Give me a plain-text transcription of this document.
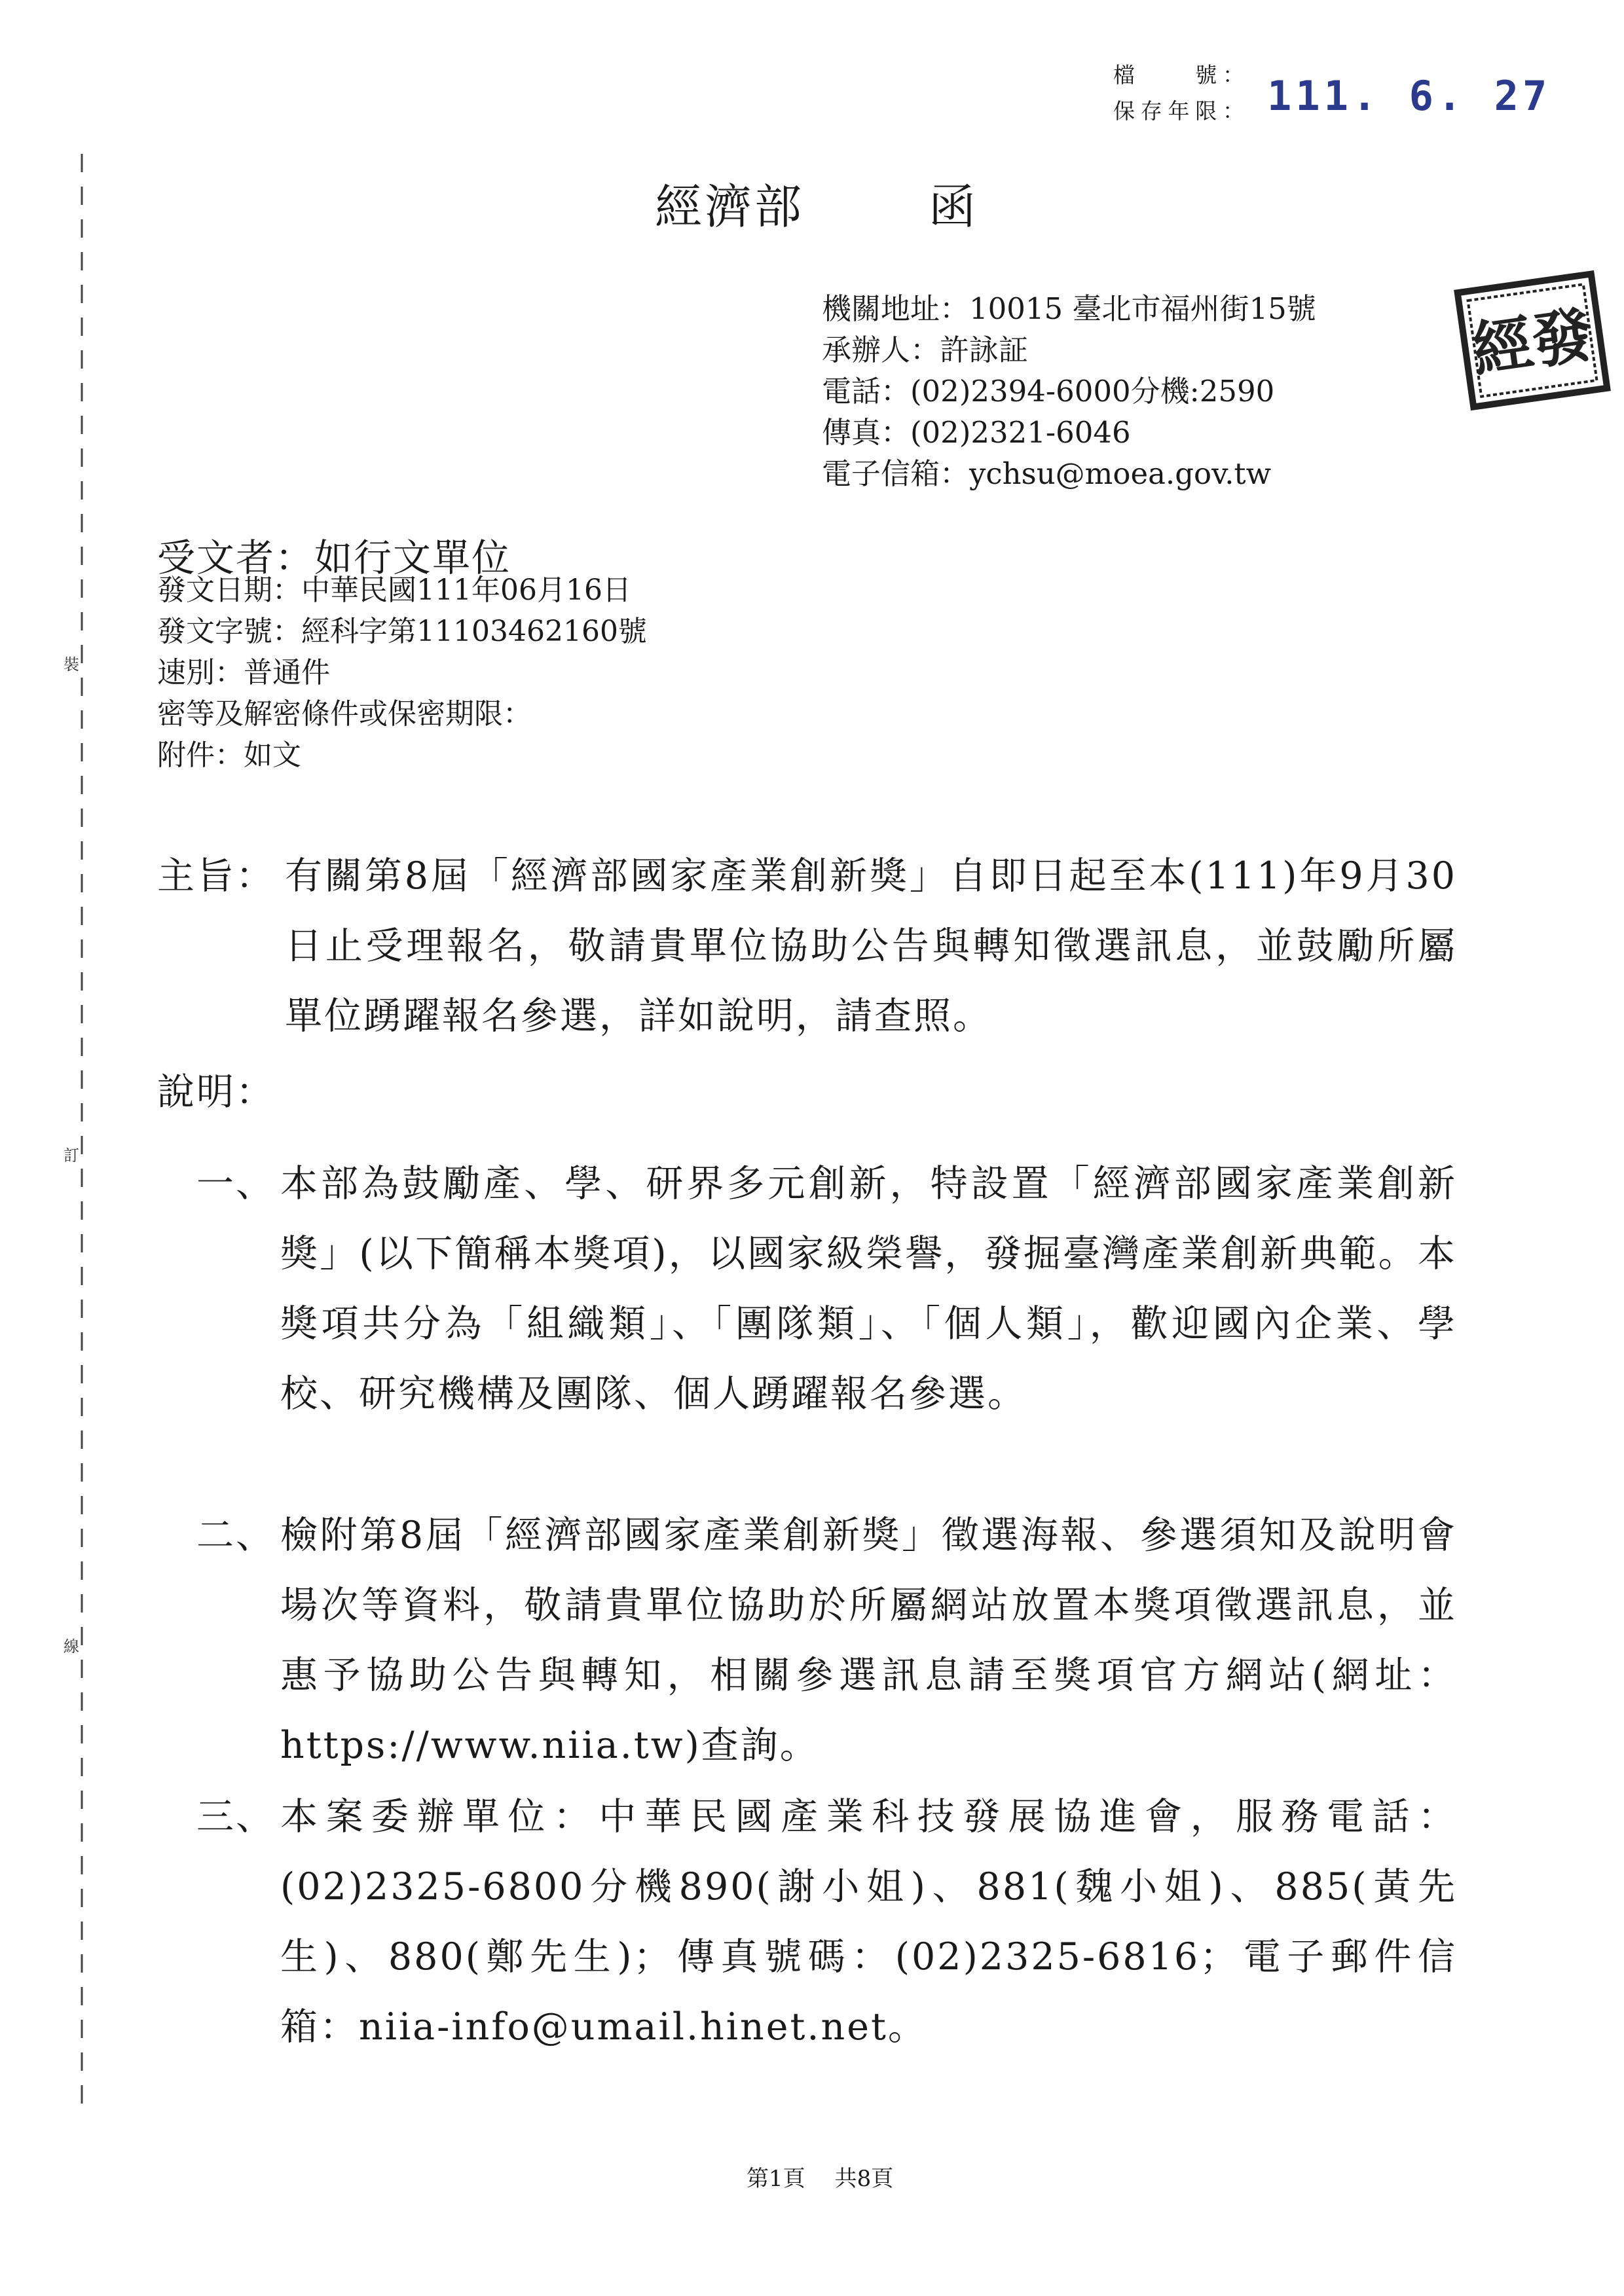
裝
訂
線
檔　　號：
保存年限： 111. 6. 27
經濟部	函
機關地址：10015 臺北市福州街15號
承辦人：許詠証
電話：(02)2394-6000分機:2590
傳真：(02)2321-6046
電子信箱：ychsu@moea.gov.tw
經發
受文者：如行文單位
發文日期：中華民國111年06月16日
發文字號：經科字第11103462160號
速別：普通件
密等及解密條件或保密期限：
附件：如文
主旨： 有關第8屆「經濟部國家產業創新獎」自即日起至本(111)年9月30日止受理報名，敬請貴單位協助公告與轉知徵選訊息，並鼓勵所屬單位踴躍報名參選，詳如說明，請查照。
說明：
一、 本部為鼓勵產、學、研界多元創新，特設置「經濟部國家產業創新獎」(以下簡稱本獎項)，以國家級榮譽，發掘臺灣產業創新典範。本獎項共分為「組織類」、「團隊類」、「個人類」，歡迎國內企業、學校、研究機構及團隊、個人踴躍報名參選。
二、 檢附第8屆「經濟部國家產業創新獎」徵選海報、參選須知及說明會場次等資料，敬請貴單位協助於所屬網站放置本獎項徵選訊息，並惠予協助公告與轉知，相關參選訊息請至獎項官方網站(網址：https://www.niia.tw)查詢。
三、 本案委辦單位：中華民國產業科技發展協進會，服務電話：(02)2325-6800分機890(謝小姐)、881(魏小姐)、885(黃先生)、880(鄭先生)；傳真號碼：(02)2325-6816；電子郵件信箱：niia-info@umail.hinet.net。
第1頁 共8頁
